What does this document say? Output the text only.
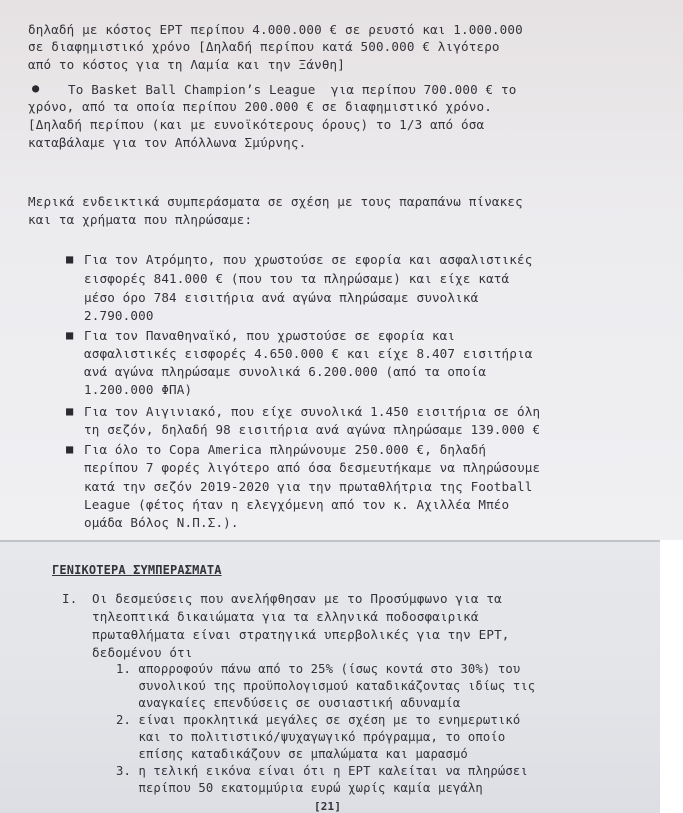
δηλαδή με κόστος ΕΡΤ περίπου 4.000.000 € σε ρευστό και 1.000.000
σε διαφημιστικό χρόνο [Δηλαδή περίπου κατά 500.000 € λιγότερο
από το κόστος για τη Λαμία και την Ξάνθη]
● To Basket Ball Champion’s League  για περίπου 700.000 € το
χρόνο, από τα οποία περίπου 200.000 € σε διαφημιστικό χρόνο.
[Δηλαδή περίπου (και με ευνοϊκότερους όρους) το 1/3 από όσα
καταβάλαμε για τον Απόλλωνα Σμύρνης.
Μερικά ενδεικτικά συμπεράσματα σε σχέση με τους παραπάνω πίνακες
και τα χρήματα που πληρώσαμε:
■ Για τον Ατρόμητο, που χρωστούσε σε εφορία και ασφαλιστικές
εισφορές 841.000 € (που του τα πληρώσαμε) και είχε κατά
μέσο όρο 784 εισιτήρια ανά αγώνα πληρώσαμε συνολικά
2.790.000
■ Για τον Παναθηναϊκό, που χρωστούσε σε εφορία και
ασφαλιστικές εισφορές 4.650.000 € και είχε 8.407 εισιτήρια
ανά αγώνα πληρώσαμε συνολικά 6.200.000 (από τα οποία
1.200.000 ΦΠΑ)
■ Για τον Αιγινιακό, που είχε συνολικά 1.450 εισιτήρια σε όλη
τη σεζόν, δηλαδή 98 εισιτήρια ανά αγώνα πληρώσαμε 139.000 €
■ Για όλο το Copa America πληρώνουμε 250.000 €, δηλαδή
περίπου 7 φορές λιγότερο από όσα δεσμευτήκαμε να πληρώσουμε
κατά την σεζόν 2019-2020 για την πρωταθλήτρια της Football
League (φέτος ήταν η ελεγχόμενη από τον κ. Αχιλλέα Μπέο
ομάδα Βόλος Ν.Π.Σ.).
ΓΕΝΙΚΟΤΕΡΑ ΣΥΜΠΕΡΑΣΜΑΤΑ
I. Οι δεσμεύσεις που ανελήφθησαν με το Προσύμφωνο για τα
τηλεοπτικά δικαιώματα για τα ελληνικά ποδοσφαιρικά
πρωταθλήματα είναι στρατηγικά υπερβολικές για την ΕΡΤ,
δεδομένου ότι
1. απορροφούν πάνω από το 25% (ίσως κοντά στο 30%) του
συνολικού της προϋπολογισμού καταδικάζοντας ιδίως τις
αναγκαίες επενδύσεις σε ουσιαστική αδυναμία
2. είναι προκλητικά μεγάλες σε σχέση με το ενημερωτικό
και το πολιτιστικό/ψυχαγωγικό πρόγραμμα, το οποίο
επίσης καταδικάζουν σε μπαλώματα και μαρασμό
3. η τελική εικόνα είναι ότι η ΕΡΤ καλείται να πληρώσει
περίπου 50 εκατομμύρια ευρώ χωρίς καμία μεγάλη
[21]
